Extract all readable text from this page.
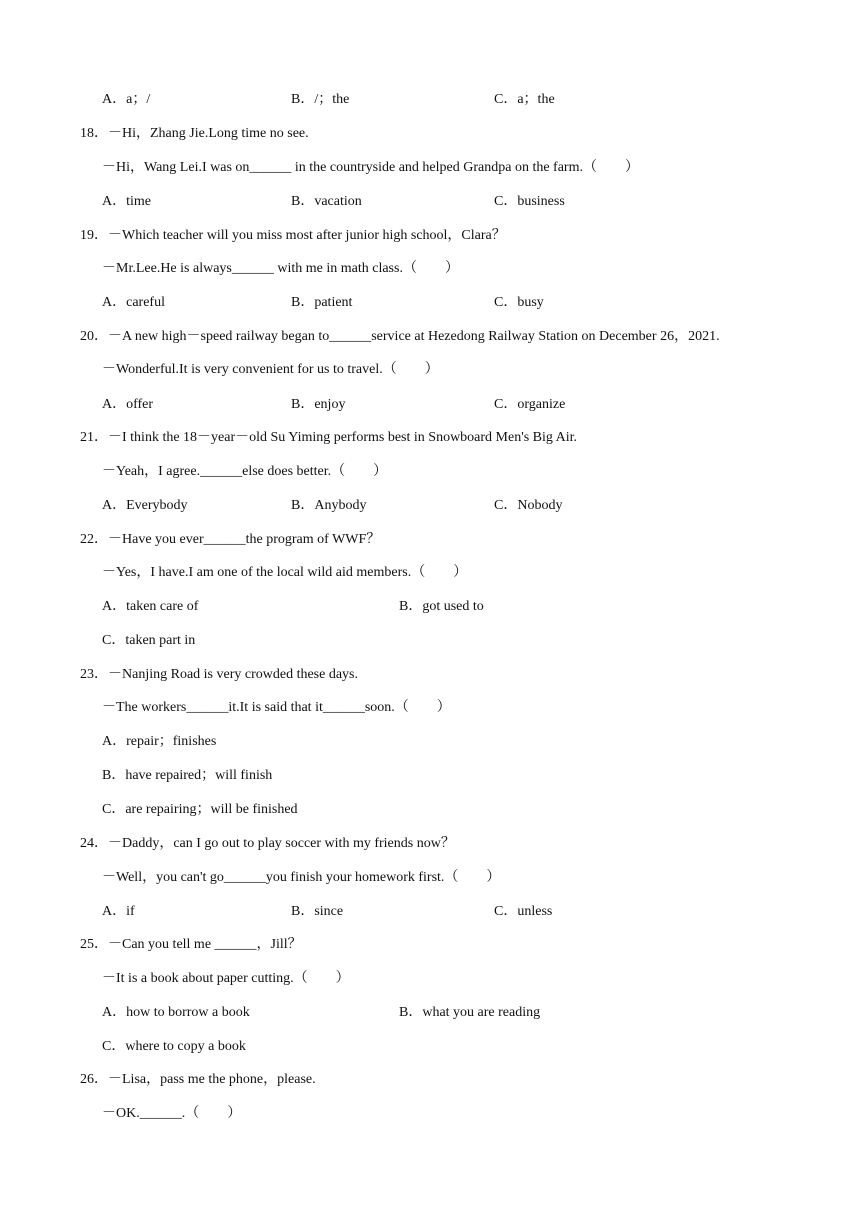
A．a；/	B．/；the	C．a；the
18．－Hi，Zhang Jie.Long time no see.
－Hi，Wang Lei.I was on______ in the countryside and helped Grandpa on the farm.（　　）
A．time	B．vacation	C．business
19．－Which teacher will you miss most after junior high school，Clara？
－Mr.Lee.He is always______ with me in math class.（　　）
A．careful	B．patient	C．busy
20．－A new high－speed railway began to______service at Hezedong Railway Station on December 26，2021.
－Wonderful.It is very convenient for us to travel.（　　）
A．offer	B．enjoy	C．organize
21．－I think the 18－year－old Su Yiming performs best in Snowboard Men's Big Air.
－Yeah，I agree.______else does better.（　　）
A．Everybody	B．Anybody	C．Nobody
22．－Have you ever______the program of WWF？
－Yes，I have.I am one of the local wild aid members.（　　）
A．taken care of	B．got used to
C．taken part in
23．－Nanjing Road is very crowded these days.
－The workers______it.It is said that it______soon.（　　）
A．repair；finishes
B．have repaired；will finish
C．are repairing；will be finished
24．－Daddy，can I go out to play soccer with my friends now？
－Well，you can't go______you finish your homework first.（　　）
A．if	B．since	C．unless
25．－Can you tell me ______，Jill？
－It is a book about paper cutting.（　　）
A．how to borrow a book	B．what you are reading
C．where to copy a book
26．－Lisa，pass me the phone，please.
－OK.______.（　　）
